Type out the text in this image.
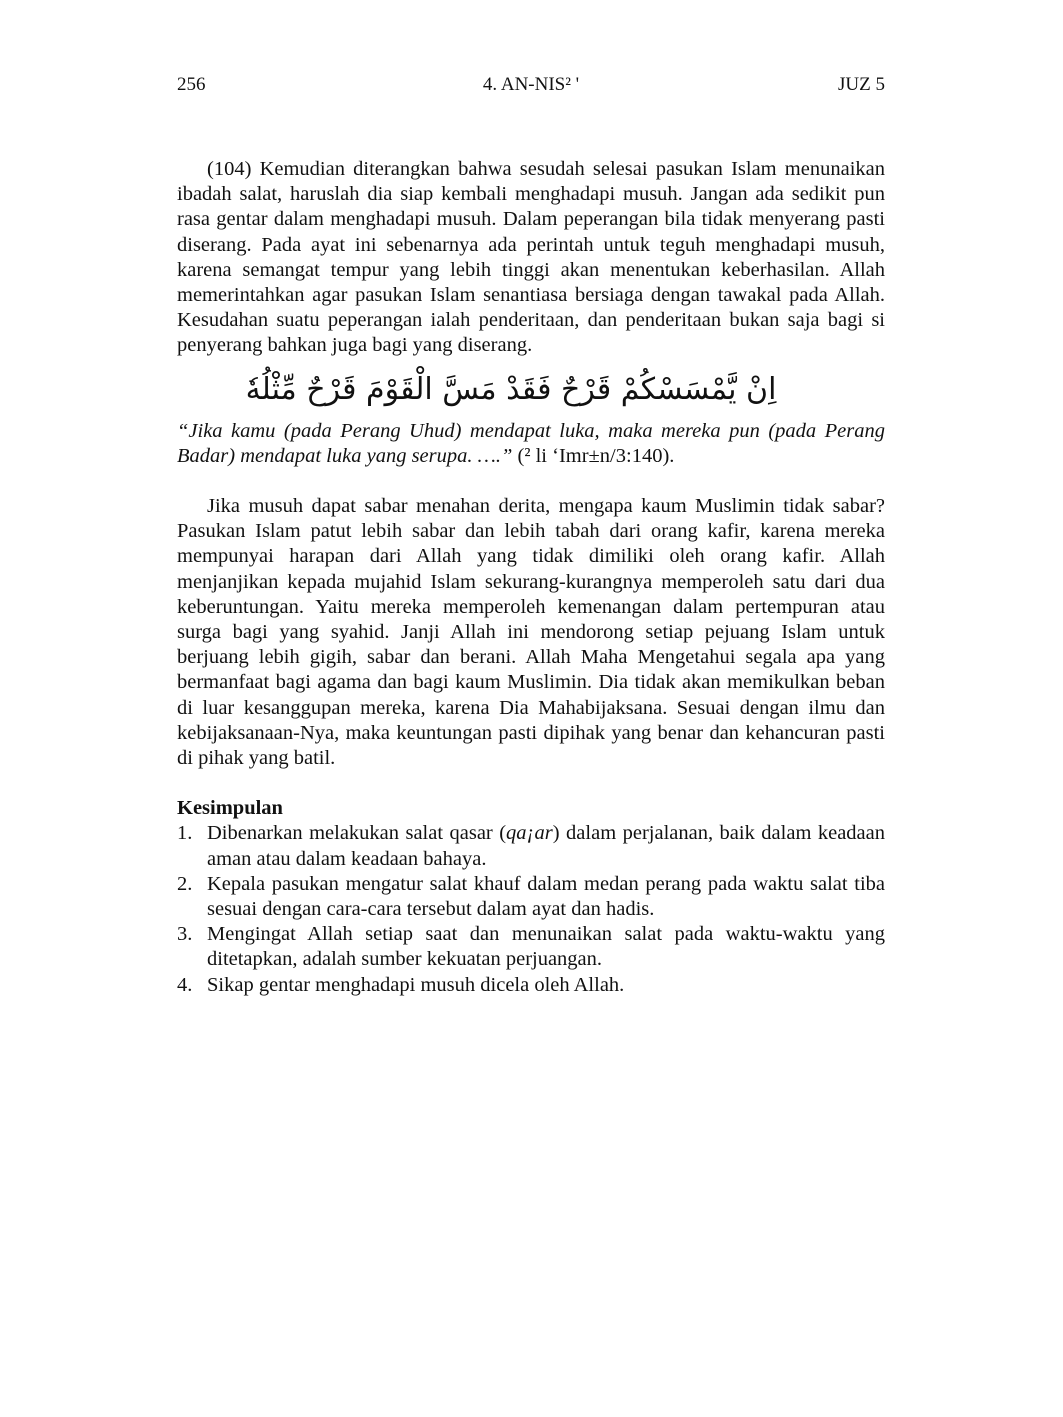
256	4. AN-NIS² '	JUZ 5

(104) Kemudian diterangkan bahwa sesudah selesai pasukan Islam menunaikan ibadah salat, haruslah dia siap kembali menghadapi musuh. Jangan ada sedikit pun rasa gentar dalam menghadapi musuh. Dalam peperangan bila tidak menyerang pasti diserang. Pada ayat ini sebenarnya ada perintah untuk teguh menghadapi musuh, karena semangat tempur yang lebih tinggi akan menentukan keberhasilan. Allah memerintahkan agar pasukan Islam senantiasa bersiaga dengan tawakal pada Allah. Kesudahan suatu peperangan ialah penderitaan, dan penderitaan bukan saja bagi si penyerang bahkan juga bagi yang diserang.

اِنْ يَّمْسَسْكُمْ قَرْحٌ فَقَدْ مَسَّ الْقَوْمَ قَرْحٌ مِّثْلُهٗ

“Jika kamu (pada Perang Uhud) mendapat luka, maka mereka pun (pada Perang Badar) mendapat luka yang serupa. ….” (² li ‘Imr±n/3:140).

Jika musuh dapat sabar menahan derita, mengapa kaum Muslimin tidak sabar? Pasukan Islam patut lebih sabar dan lebih tabah dari orang kafir, karena mereka mempunyai harapan dari Allah yang tidak dimiliki oleh orang kafir. Allah menjanjikan kepada mujahid Islam sekurang-kurangnya memperoleh satu dari dua keberuntungan. Yaitu mereka memperoleh kemenangan dalam pertempuran atau surga bagi yang syahid. Janji Allah ini mendorong setiap pejuang Islam untuk berjuang lebih gigih, sabar dan berani. Allah Maha Mengetahui segala apa yang bermanfaat bagi agama dan bagi kaum Muslimin. Dia tidak akan memikulkan beban di luar kesanggupan mereka, karena Dia Mahabijaksana. Sesuai dengan ilmu dan kebijaksanaan-Nya, maka keuntungan pasti dipihak yang benar dan kehancuran pasti di pihak yang batil.

Kesimpulan

1. Dibenarkan melakukan salat qasar (qa¡ar) dalam perjalanan, baik dalam keadaan aman atau dalam keadaan bahaya.
2. Kepala pasukan mengatur salat khauf dalam medan perang pada waktu salat tiba sesuai dengan cara-cara tersebut dalam ayat dan hadis.
3. Mengingat Allah setiap saat dan menunaikan salat pada waktu-waktu yang ditetapkan, adalah sumber kekuatan perjuangan.
4. Sikap gentar menghadapi musuh dicela oleh Allah.
